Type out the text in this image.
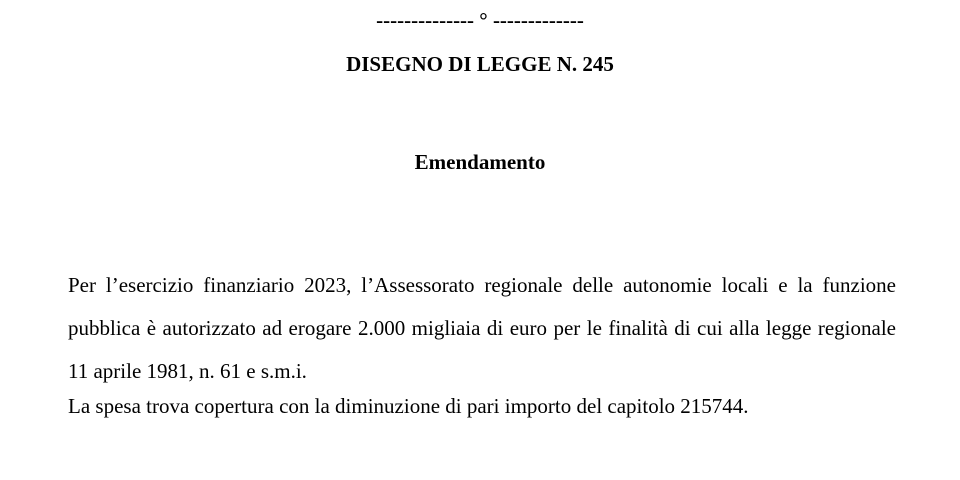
-------------- ° -------------
DISEGNO DI LEGGE N. 245
Emendamento

Per l’esercizio finanziario 2023, l’Assessorato regionale delle autonomie locali e la funzione pubblica è autorizzato ad erogare 2.000 migliaia di euro per le finalità di cui alla legge regionale 11 aprile 1981, n. 61 e s.m.i.

La spesa trova copertura con la diminuzione di pari importo del capitolo 215744.
